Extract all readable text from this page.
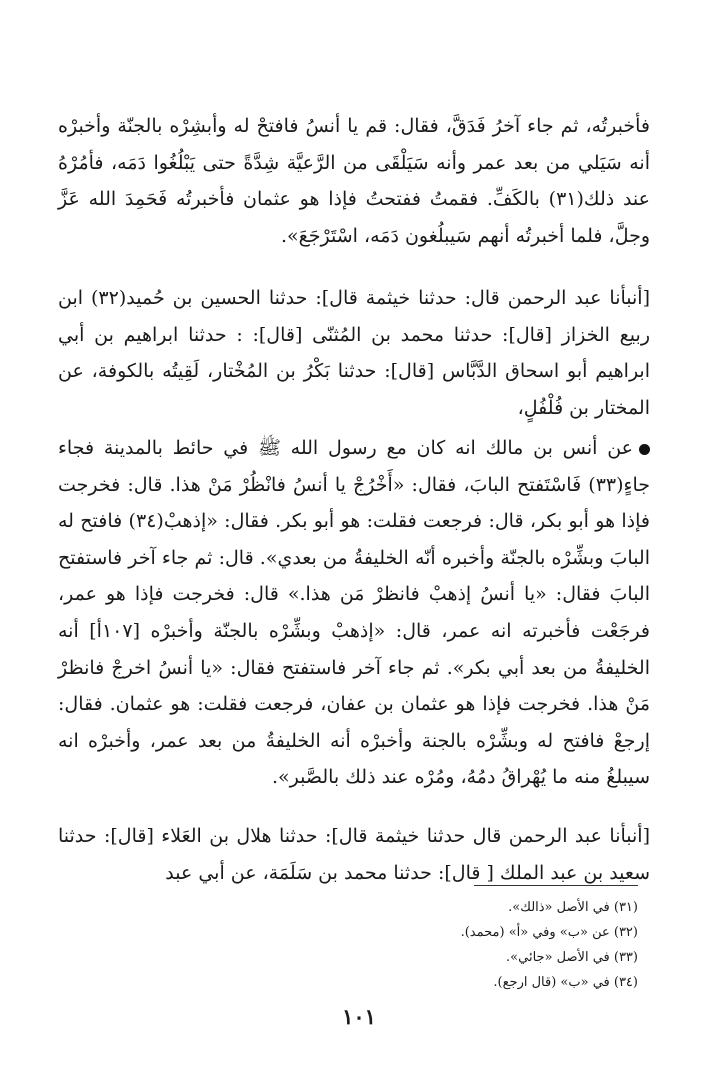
فأخبرتُه، ثم جاء آخرُ فَدَقَّ، فقال: قم يا أنسُ فافتحْ له وأبشِرْه بالجنّة وأخبرْه أنه سَيَلي من بعد عمر وأنه سَيَلْقَى من الرَّعيَّة شِدَّةً حتى يَبْلُغُوا دَمَه، فأمُرْهُ عند ذلك(٣١) بالكَفِّ. فقمتُ ففتحتُ فإذا هو عثمان فأخبرتُه فَحَمِدَ الله عَزَّ وجلَّ، فلما أخبرتُه أنهم سَيبلُغون دَمَه، اسْتَرْجَعَ».

[أنبأنا عبد الرحمن قال: حدثنا خيثمة قال]: حدثنا الحسين بن حُميد(٣٢) ابن ربيع الخزاز [قال]: حدثنا محمد بن المُثنّى [قال]: : حدثنا ابراهيم بن أبي ابراهيم أبو اسحاق الدَّبَّاس [قال]: حدثنا بَكْرُ بن المُخْتار، لَقِيتُه بالكوفة، عن المختار بن فُلْفُلٍ،

عن أنس بن مالك انه كان مع رسول الله ﷺ في حائط بالمدينة فجاء جاءٍ(٣٣) فَاسْتَفتح البابَ، فقال: «أَخْرُجْ يا أنسُ فانْظُرْ مَنْ هذا. قال: فخرجت فإذا هو أبو بكر، قال: فرجعت فقلت: هو أبو بكر. فقال: «إذهبْ(٣٤) فافتح له البابَ وبشِّرْه بالجنّة وأخبره أنّه الخليفةُ من بعدي». قال: ثم جاء آخر فاستفتح البابَ فقال: «يا أنسُ إذهبْ فانظرْ مَن هذا.» قال: فخرجت فإذا هو عمر، فرجَعْت فأخبرته انه عمر، قال: «إذهبْ وبشِّرْه بالجنّة وأخبرْه [١٠٧أ] أنه الخليفةُ من بعد أبي بكر». ثم جاء آخر فاستفتح فقال: «يا أنسُ اخرجْ فانظرْ مَنْ هذا. فخرجت فإذا هو عثمان بن عفان، فرجعت فقلت: هو عثمان. فقال: إرجعْ فافتح له وبشِّرْه بالجنة وأخبرْه أنه الخليفةُ من بعد عمر، وأخبرْه انه سيبلغُ منه ما يُهْراقُ دمُهُ، ومُرْه عند ذلك بالصَّبر».

[أنبأنا عبد الرحمن قال حدثنا خيثمة قال]: حدثنا هلال بن العَلاء [قال]: حدثنا سعيد بن عبد الملك [ قال]: حدثنا محمد بن سَلَمَة، عن أبي عبد

(٣١) في الأصل «ذالك».
(٣٢) عن «ب» وفي «أ» (محمد).
(٣٣) في الأصل «جائي».
(٣٤) في «ب» (قال ارجع).
١٠١
